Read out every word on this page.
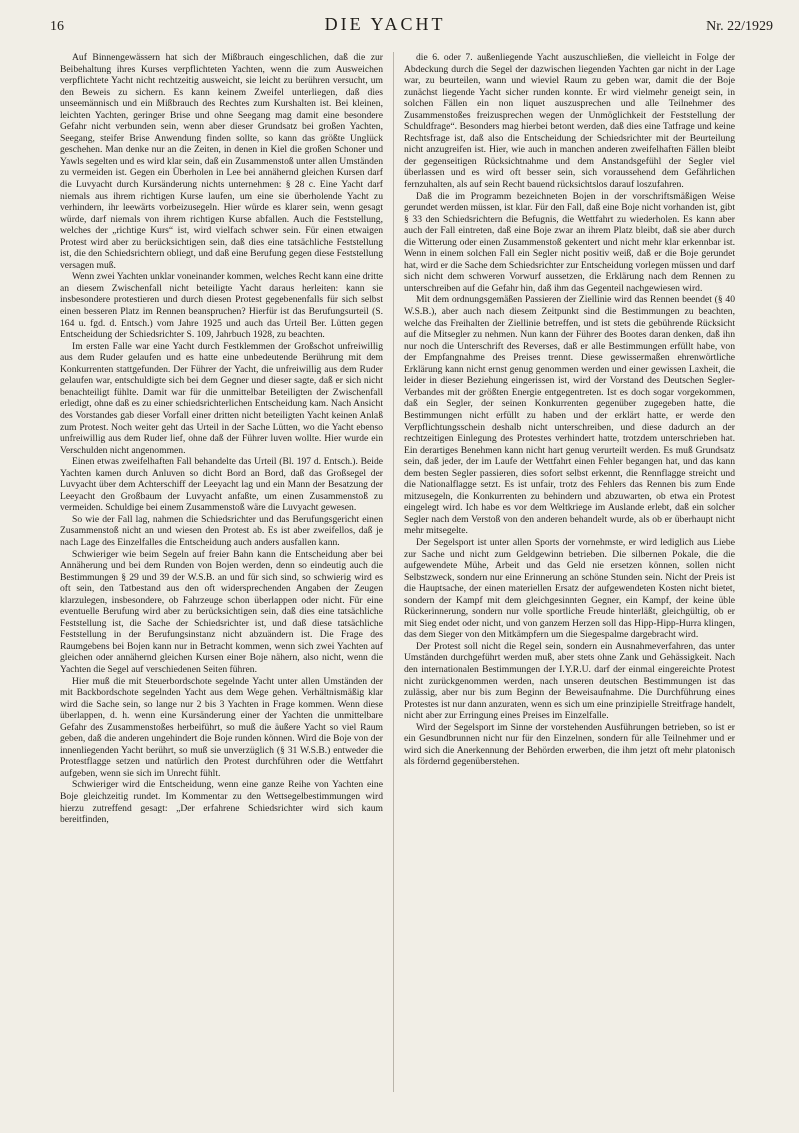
16	DIE YACHT	Nr. 22/1929

Auf Binnengewässern hat sich der Mißbrauch eingeschlichen, daß die zur Beibehaltung ihres Kurses verpflichteten Yachten, wenn die zum Ausweichen verpflichtete Yacht nicht rechtzeitig ausweicht, sie leicht zu berühren versucht, um den Beweis zu sichern. Es kann keinem Zweifel unterliegen, daß dies unseemännisch und ein Mißbrauch des Rechtes zum Kurshalten ist. Bei kleinen, leichten Yachten, geringer Brise und ohne Seegang mag damit eine besondere Gefahr nicht verbunden sein, wenn aber dieser Grundsatz bei großen Yachten, Seegang, steifer Brise Anwendung finden sollte, so kann das größte Unglück geschehen. Man denke nur an die Zeiten, in denen in Kiel die großen Schoner und Yawls segelten und es wird klar sein, daß ein Zusammenstoß unter allen Umständen zu vermeiden ist. Gegen ein Überholen in Lee bei annähernd gleichen Kursen darf die Luvyacht durch Kursänderung nichts unternehmen: § 28 c. Eine Yacht darf niemals aus ihrem richtigen Kurse laufen, um eine sie überholende Yacht zu verhindern, ihr leewärts vorbeizusegeln. Hier würde es klarer sein, wenn gesagt würde, darf niemals von ihrem richtigen Kurse abfallen. Auch die Feststellung, welches der „richtige Kurs“ ist, wird vielfach schwer sein. Für einen etwaigen Protest wird aber zu berücksichtigen sein, daß dies eine tatsächliche Feststellung ist, die den Schiedsrichtern obliegt, und daß eine Berufung gegen diese Feststellung versagen muß.

Wenn zwei Yachten unklar voneinander kommen, welches Recht kann eine dritte an diesem Zwischenfall nicht beteiligte Yacht daraus herleiten: kann sie insbesondere protestieren und durch diesen Protest gegebenenfalls für sich selbst einen besseren Platz im Rennen beanspruchen? Hierfür ist das Berufungsurteil (S. 164 u. fgd. d. Entsch.) vom Jahre 1925 und auch das Urteil Ber. Lütten gegen Entscheidung der Schiedsrichter S. 109, Jahrbuch 1928, zu beachten.

Im ersten Falle war eine Yacht durch Festklemmen der Großschot unfreiwillig aus dem Ruder gelaufen und es hatte eine unbedeutende Berührung mit dem Konkurrenten stattgefunden. Der Führer der Yacht, die unfreiwillig aus dem Ruder gelaufen war, entschuldigte sich bei dem Gegner und dieser sagte, daß er sich nicht benachteiligt fühlte. Damit war für die unmittelbar Beteiligten der Zwischenfall erledigt, ohne daß es zu einer schiedsrichterlichen Entscheidung kam. Nach Ansicht des Vorstandes gab dieser Vorfall einer dritten nicht beteiligten Yacht keinen Anlaß zum Protest. Noch weiter geht das Urteil in der Sache Lütten, wo die Yacht ebenso unfreiwillig aus dem Ruder lief, ohne daß der Führer luven wollte. Hier wurde ein Verschulden nicht angenommen.

Einen etwas zweifelhaften Fall behandelte das Urteil (Bl. 197 d. Entsch.). Beide Yachten kamen durch Anluven so dicht Bord an Bord, daß das Großsegel der Luvyacht über dem Achterschiff der Leeyacht lag und ein Mann der Besatzung der Leeyacht den Großbaum der Luvyacht anfaßte, um einen Zusammenstoß zu vermeiden. Schuldige bei einem Zusammenstoß wäre die Luvyacht gewesen.

So wie der Fall lag, nahmen die Schiedsrichter und das Berufungsgericht einen Zusammenstoß nicht an und wiesen den Protest ab. Es ist aber zweifellos, daß je nach Lage des Einzelfalles die Entscheidung auch anders ausfallen kann.

Schwieriger wie beim Segeln auf freier Bahn kann die Entscheidung aber bei Annäherung und bei dem Runden von Bojen werden, denn so eindeutig auch die Bestimmungen § 29 und 39 der W.S.B. an und für sich sind, so schwierig wird es oft sein, den Tatbestand aus den oft widersprechenden Angaben der Zeugen klarzulegen, insbesondere, ob Fahrzeuge schon überlappen oder nicht. Für eine eventuelle Berufung wird aber zu berücksichtigen sein, daß dies eine tatsächliche Feststellung ist, die Sache der Schiedsrichter ist, und daß diese tatsächliche Feststellung in der Berufungsinstanz nicht abzuändern ist. Die Frage des Raumgebens bei Bojen kann nur in Betracht kommen, wenn sich zwei Yachten auf gleichen oder annähernd gleichen Kursen einer Boje nähern, also nicht, wenn die Yachten die Segel auf verschiedenen Seiten führen.

Hier muß die mit Steuerbordschote segelnde Yacht unter allen Umständen der mit Backbordschote segelnden Yacht aus dem Wege gehen. Verhältnismäßig klar wird die Sache sein, so lange nur 2 bis 3 Yachten in Frage kommen. Wenn diese überlappen, d. h. wenn eine Kursänderung einer der Yachten die unmittelbare Gefahr des Zusammenstoßes herbeiführt, so muß die äußere Yacht so viel Raum geben, daß die anderen ungehindert die Boje runden können. Wird die Boje von der innenliegenden Yacht berührt, so muß sie unverzüglich (§ 31 W.S.B.) entweder die Protestflagge setzen und natürlich den Protest durchführen oder die Wettfahrt aufgeben, wenn sie sich im Unrecht fühlt.

Schwieriger wird die Entscheidung, wenn eine ganze Reihe von Yachten eine Boje gleichzeitig rundet. Im Kommentar zu den Wettsegelbestimmungen wird hierzu zutreffend gesagt: „Der erfahrene Schiedsrichter wird sich kaum bereitfinden,

die 6. oder 7. außenliegende Yacht auszuschließen, die vielleicht in Folge der Abdeckung durch die Segel der dazwischen liegenden Yachten gar nicht in der Lage war, zu beurteilen, wann und wieviel Raum zu geben war, damit die der Boje zunächst liegende Yacht sicher runden konnte. Er wird vielmehr geneigt sein, in solchen Fällen ein non liquet auszusprechen und alle Teilnehmer des Zusammenstoßes freizusprechen wegen der Unmöglichkeit der Feststellung der Schuldfrage“. Besonders mag hierbei betont werden, daß dies eine Tatfrage und keine Rechtsfrage ist, daß also die Entscheidung der Schiedsrichter mit der Beurteilung nicht anzugreifen ist. Hier, wie auch in manchen anderen zweifelhaften Fällen bleibt der gegenseitigen Rücksichtnahme und dem Anstandsgefühl der Segler viel überlassen und es wird oft besser sein, sich voraussehend dem Gefährlichen fernzuhalten, als auf sein Recht bauend rücksichtslos darauf loszufahren.

Daß die im Programm bezeichneten Bojen in der vorschriftsmäßigen Weise gerundet werden müssen, ist klar. Für den Fall, daß eine Boje nicht vorhanden ist, gibt § 33 den Schiedsrichtern die Befugnis, die Wettfahrt zu wiederholen. Es kann aber auch der Fall eintreten, daß eine Boje zwar an ihrem Platz bleibt, daß sie aber durch die Witterung oder einen Zusammenstoß gekentert und nicht mehr klar erkennbar ist. Wenn in einem solchen Fall ein Segler nicht positiv weiß, daß er die Boje gerundet hat, wird er die Sache dem Schiedsrichter zur Entscheidung vorlegen müssen und darf sich nicht dem schweren Vorwurf aussetzen, die Erklärung nach dem Rennen zu unterschreiben auf die Gefahr hin, daß ihm das Gegenteil nachgewiesen wird.

Mit dem ordnungsgemäßen Passieren der Ziellinie wird das Rennen beendet (§ 40 W.S.B.), aber auch nach diesem Zeitpunkt sind die Bestimmungen zu beachten, welche das Freihalten der Ziellinie betreffen, und ist stets die gebührende Rücksicht auf die Mitsegler zu nehmen. Nun kann der Führer des Bootes daran denken, daß ihn nur noch die Unterschrift des Reverses, daß er alle Bestimmungen erfüllt habe, von der Empfangnahme des Preises trennt. Diese gewissermaßen ehrenwörtliche Erklärung kann nicht ernst genug genommen werden und einer gewissen Laxheit, die leider in dieser Beziehung eingerissen ist, wird der Vorstand des Deutschen Segler-Verbandes mit der größten Energie entgegentreten. Ist es doch sogar vorgekommen, daß ein Segler, der seinen Konkurrenten gegenüber zugegeben hatte, die Bestimmungen nicht erfüllt zu haben und der erklärt hatte, er werde den Verpflichtungsschein deshalb nicht unterschreiben, und diese dadurch an der rechtzeitigen Einlegung des Protestes verhindert hatte, trotzdem unterschrieben hat. Ein derartiges Benehmen kann nicht hart genug verurteilt werden. Es muß Grundsatz sein, daß jeder, der im Laufe der Wettfahrt einen Fehler begangen hat, und das kann dem besten Segler passieren, dies sofort selbst erkennt, die Rennflagge streicht und die Nationalflagge setzt. Es ist unfair, trotz des Fehlers das Rennen bis zum Ende mitzusegeln, die Konkurrenten zu behindern und abzuwarten, ob etwa ein Protest eingelegt wird. Ich habe es vor dem Weltkriege im Auslande erlebt, daß ein solcher Segler nach dem Verstoß von den anderen behandelt wurde, als ob er überhaupt nicht mehr mitsegelte.

Der Segelsport ist unter allen Sports der vornehmste, er wird lediglich aus Liebe zur Sache und nicht zum Geldgewinn betrieben. Die silbernen Pokale, die die aufgewendete Mühe, Arbeit und das Geld nie ersetzen können, sollen nicht Selbstzweck, sondern nur eine Erinnerung an schöne Stunden sein. Nicht der Preis ist die Hauptsache, der einen materiellen Ersatz der aufgewendeten Kosten nicht bietet, sondern der Kampf mit dem gleichgesinnten Gegner, ein Kampf, der keine üble Rückerinnerung, sondern nur volle sportliche Freude hinterläßt, gleichgültig, ob er mit Sieg endet oder nicht, und von ganzem Herzen soll das Hipp-Hipp-Hurra klingen, das dem Sieger von den Mitkämpfern um die Siegespalme dargebracht wird.

Der Protest soll nicht die Regel sein, sondern ein Ausnahmeverfahren, das unter Umständen durchgeführt werden muß, aber stets ohne Zank und Gehässigkeit. Nach den internationalen Bestimmungen der I.Y.R.U. darf der einmal eingereichte Protest nicht zurückgenommen werden, nach unseren deutschen Bestimmungen ist das zulässig, aber nur bis zum Beginn der Beweisaufnahme. Die Durchführung eines Protestes ist nur dann anzuraten, wenn es sich um eine prinzipielle Streitfrage handelt, nicht aber zur Erringung eines Preises im Einzelfalle.

Wird der Segelsport im Sinne der vorstehenden Ausführungen betrieben, so ist er ein Gesundbrunnen nicht nur für den Einzelnen, sondern für alle Teilnehmer und er wird sich die Anerkennung der Behörden erwerben, die ihm jetzt oft mehr platonisch als fördernd gegenüberstehen.
